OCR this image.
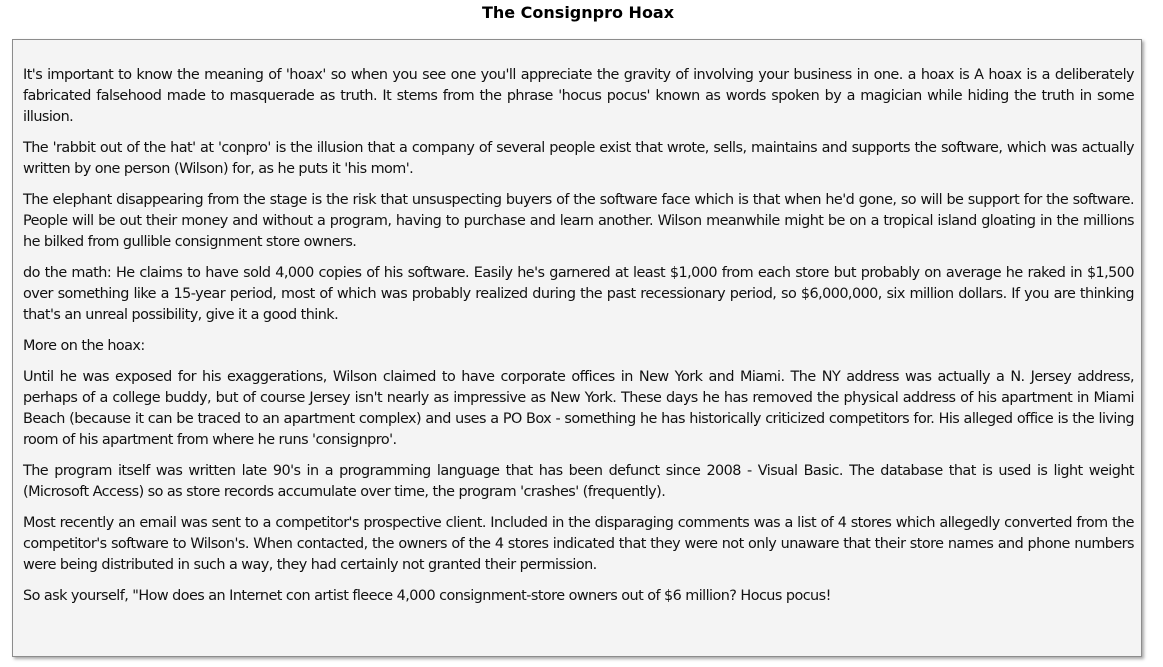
The Consignpro Hoax

It's important to know the meaning of 'hoax' so when you see one you'll appreciate the gravity of involving your business in one. a hoax is A hoax is a deliberately fabricated falsehood made to masquerade as truth. It stems from the phrase 'hocus pocus' known as words spoken by a magician while hiding the truth in some illusion.

The 'rabbit out of the hat' at 'conpro' is the illusion that a company of several people exist that wrote, sells, maintains and supports the software, which was actually written by one person (Wilson) for, as he puts it 'his mom'.

The elephant disappearing from the stage is the risk that unsuspecting buyers of the software face which is that when he'd gone, so will be support for the software. People will be out their money and without a program, having to purchase and learn another. Wilson meanwhile might be on a tropical island gloating in the millions he bilked from gullible consignment store owners.

do the math: He claims to have sold 4,000 copies of his software. Easily he's garnered at least $1,000 from each store but probably on average he raked in $1,500 over something like a 15-year period, most of which was probably realized during the past recessionary period, so $6,000,000, six million dollars. If you are thinking that's an unreal possibility, give it a good think.

More on the hoax:

Until he was exposed for his exaggerations, Wilson claimed to have corporate offices in New York and Miami. The NY address was actually a N. Jersey address, perhaps of a college buddy, but of course Jersey isn't nearly as impressive as New York. These days he has removed the physical address of his apartment in Miami Beach (because it can be traced to an apartment complex) and uses a PO Box - something he has historically criticized competitors for. His alleged office is the living room of his apartment from where he runs 'consignpro'.

The program itself was written late 90's in a programming language that has been defunct since 2008 - Visual Basic. The database that is used is light weight (Microsoft Access) so as store records accumulate over time, the program 'crashes' (frequently).

Most recently an email was sent to a competitor's prospective client. Included in the disparaging comments was a list of 4 stores which allegedly converted from the competitor's software to Wilson's. When contacted, the owners of the 4 stores indicated that they were not only unaware that their store names and phone numbers were being distributed in such a way, they had certainly not granted their permission.

So ask yourself, "How does an Internet con artist fleece 4,000 consignment-store owners out of $6 million? Hocus pocus!
